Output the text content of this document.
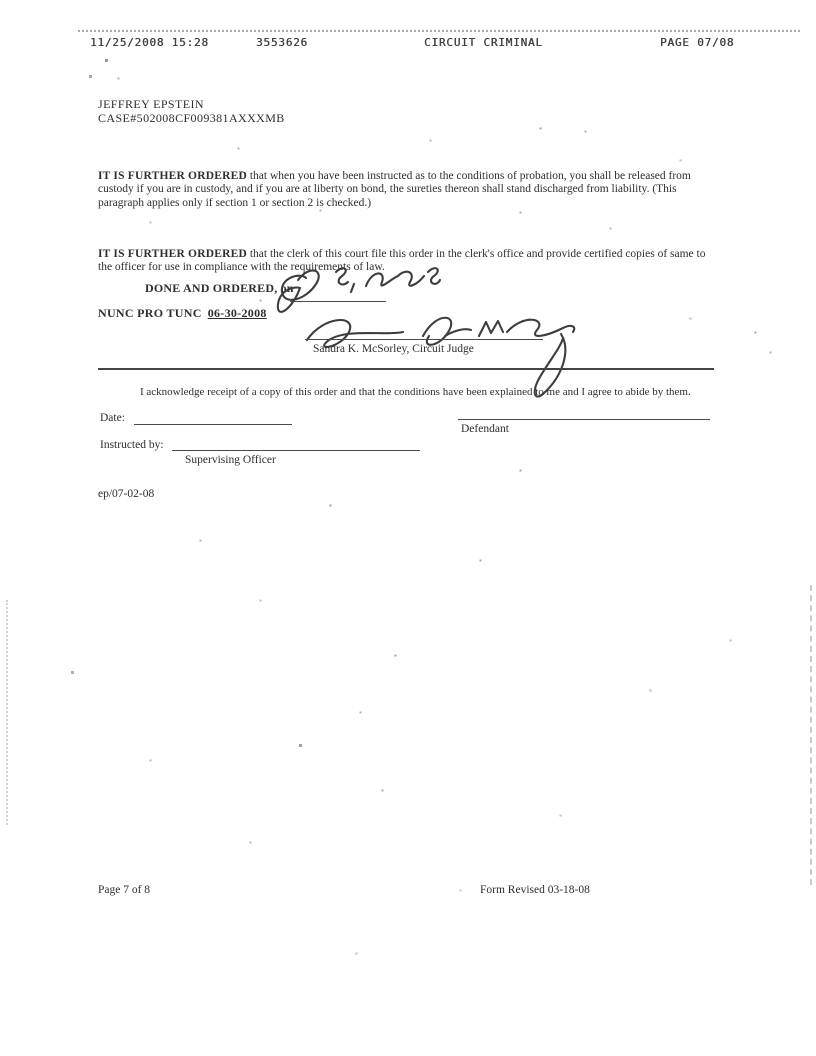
11/25/2008 15:28	3553626	CIRCUIT CRIMINAL	PAGE 07/08
JEFFREY EPSTEIN
CASE#502008CF009381AXXXMB

IT IS FURTHER ORDERED that when you have been instructed as to the conditions of probation, you shall be released from custody if you are in custody, and if you are at liberty on bond, the sureties thereon shall stand discharged from liability. (This paragraph applies only if section 1 or section 2 is checked.)

IT IS FURTHER ORDERED that the clerk of this court file this order in the clerk's office and provide certified copies of same to the officer for use in compliance with the requirements of law.

DONE AND ORDERED, on
NUNC PRO TUNC 06-30-2008
Sandra K. McSorley, Circuit Judge
I acknowledge receipt of a copy of this order and that the conditions have been explained to me and I agree to abide by them.
Date:
Defendant
Instructed by:
Supervising Officer
ep/07-02-08
Page 7 of 8	Form Revised 03-18-08
